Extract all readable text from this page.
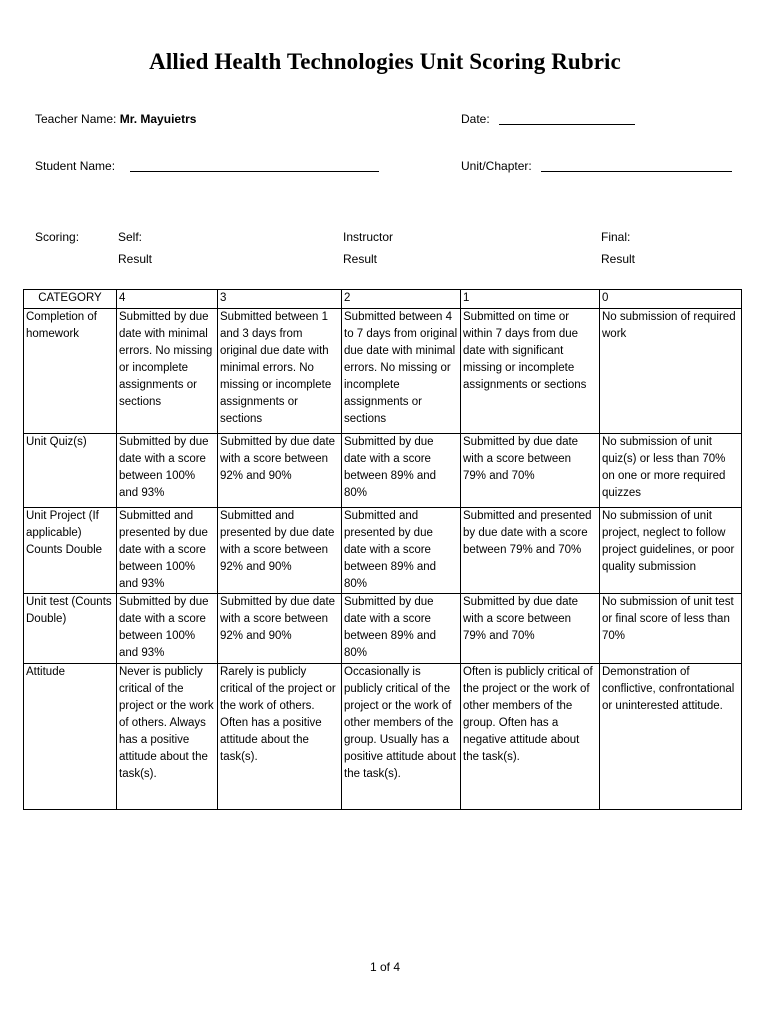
Allied Health Technologies Unit Scoring Rubric
Teacher Name: Mr. Mayuietrs	Date:
Student Name:	Unit/Chapter:
Scoring:	Self:
Result
Instructor
Result
Final:
Result
CATEGORY	4	3	2	1	0
Completion of homework	Submitted by due date with minimal errors. No missing or incomplete assignments or sections	Submitted between 1 and 3 days from original due date with minimal errors. No missing or incomplete assignments or sections	Submitted between 4 to 7 days from original due date with minimal errors. No missing or incomplete assignments or sections	Submitted on time or within 7 days from due date with significant missing or incomplete assignments or sections	No submission of required work
Unit Quiz(s)	Submitted by due date with a score between 100% and 93%	Submitted by due date with a score between 92% and 90%	Submitted by due date with a score between 89% and 80%	Submitted by due date with a score between 79% and 70%	No submission of unit quiz(s) or less than 70% on one or more required quizzes
Unit Project (If applicable) Counts Double	Submitted and presented by due date with a score between 100% and 93%	Submitted and presented by due date with a score between 92% and 90%	Submitted and presented by due date with a score between 89% and 80%	Submitted and presented by due date with a score between 79% and 70%	No submission of unit project, neglect to follow project guidelines, or poor quality submission
Unit test (Counts Double)	Submitted by due date with a score between 100% and 93%	Submitted by due date with a score between 92% and 90%	Submitted by due date with a score between 89% and 80%	Submitted by due date with a score between 79% and 70%	No submission of unit test or final score of less than 70%
Attitude	Never is publicly critical of the project or the work of others. Always has a positive attitude about the task(s).	Rarely is publicly critical of the project or the work of others. Often has a positive attitude about the task(s).	Occasionally is publicly critical of the project or the work of other members of the group. Usually has a positive attitude about the task(s).	Often is publicly critical of the project or the work of other members of the group. Often has a negative attitude about the task(s).	Demonstration of conflictive, confrontational or uninterested attitude.
1 of 4
